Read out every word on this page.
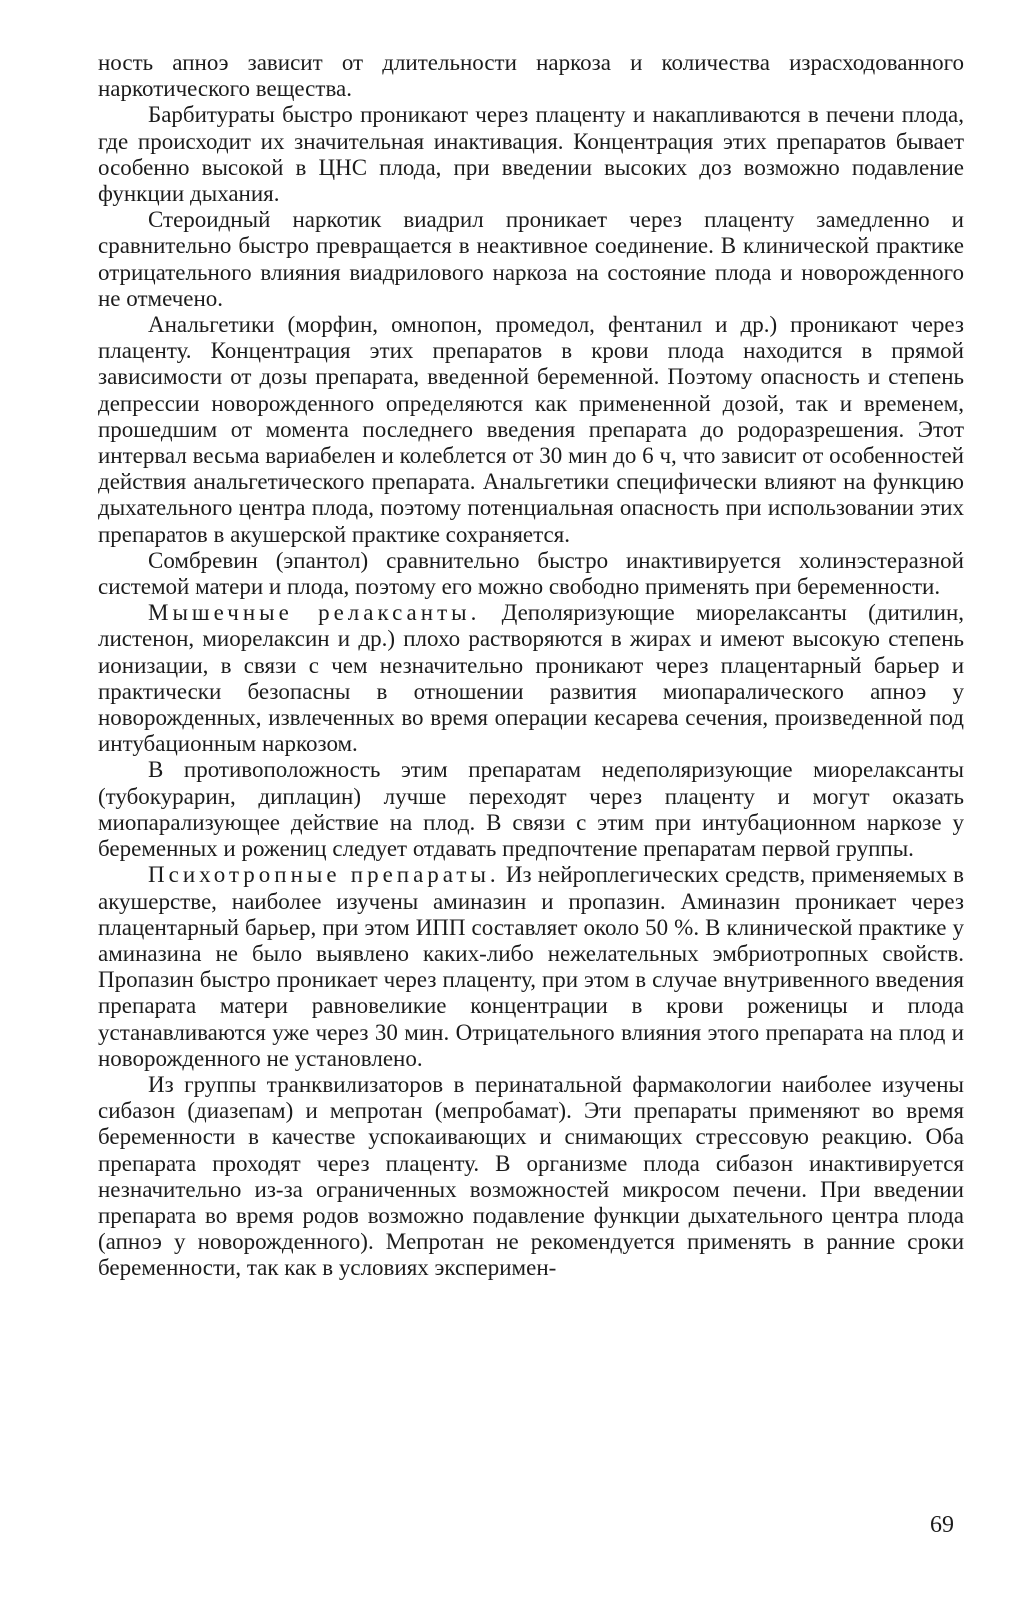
ность апноэ зависит от длительности наркоза и количества израсходованного наркотического вещества.

Барбитураты быстро проникают через плаценту и накапливаются в печени плода, где происходит их значительная инактивация. Концентрация этих препаратов бывает особенно высокой в ЦНС плода, при введении высоких доз возможно подавление функции дыхания.

Стероидный наркотик виадрил проникает через плаценту замедленно и сравнительно быстро превращается в неактивное соединение. В клинической практике отрицательного влияния виадрилового наркоза на состояние плода и новорожденного не отмечено.

Анальгетики (морфин, омнопон, промедол, фентанил и др.) проникают через плаценту. Концентрация этих препаратов в крови плода находится в прямой зависимости от дозы препарата, введенной беременной. Поэтому опасность и степень депрессии новорожденного определяются как примененной дозой, так и временем, прошедшим от момента последнего введения препарата до родоразрешения. Этот интервал весьма вариабелен и колеблется от 30 мин до 6 ч, что зависит от особенностей действия анальгетического препарата. Анальгетики специфически влияют на функцию дыхательного центра плода, поэтому потенциальная опасность при использовании этих препаратов в акушерской практике сохраняется.

Сомбревин (эпантол) сравнительно быстро инактивируется холинэстеразной системой матери и плода, поэтому его можно свободно применять при беременности.

Мышечные релаксанты. Деполяризующие миорелаксанты (дитилин, листенон, миорелаксин и др.) плохо растворяются в жирах и имеют высокую степень ионизации, в связи с чем незначительно проникают через плацентарный барьер и практически безопасны в отношении развития миопаралического апноэ у новорожденных, извлеченных во время операции кесарева сечения, произведенной под интубационным наркозом.

В противоположность этим препаратам недеполяризующие миорелаксанты (тубокурарин, диплацин) лучше переходят через плаценту и могут оказать миопарализующее действие на плод. В связи с этим при интубационном наркозе у беременных и рожениц следует отдавать предпочтение препаратам первой группы.

Психотропные препараты. Из нейроплегических средств, применяемых в акушерстве, наиболее изучены аминазин и пропазин. Аминазин проникает через плацентарный барьер, при этом ИПП составляет около 50 %. В клинической практике у аминазина не было выявлено каких-либо нежелательных эмбриотропных свойств. Пропазин быстро проникает через плаценту, при этом в случае внутривенного введения препарата матери равновеликие концентрации в крови роженицы и плода устанавливаются уже через 30 мин. Отрицательного влияния этого препарата на плод и новорожденного не установлено.

Из группы транквилизаторов в перинатальной фармакологии наиболее изучены сибазон (диазепам) и мепротан (мепробамат). Эти препараты применяют во время беременности в качестве успокаивающих и снимающих стрессовую реакцию. Оба препарата проходят через плаценту. В организме плода сибазон инактивируется незначительно из-за ограниченных возможностей микросом печени. При введении препарата во время родов возможно подавление функции дыхательного центра плода (апноэ у новорожденного). Мепротан не рекомендуется применять в ранние сроки беременности, так как в условиях эксперимен-

69
